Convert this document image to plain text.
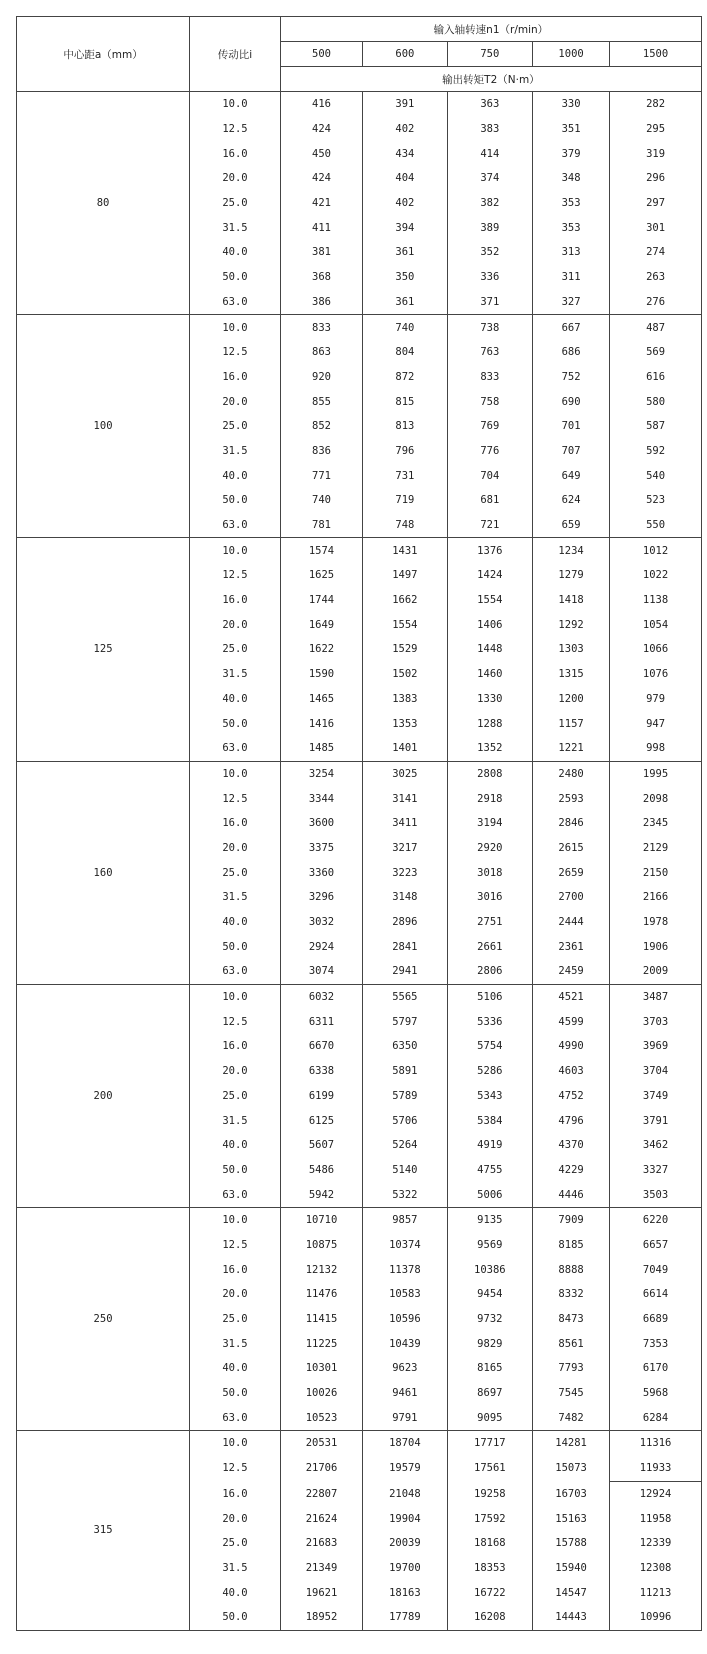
中心距a（mm）	传动比i	输入轴转速n1（r/min）				
		500	600	750	1000	1500
		输出转矩T2（N·m）				
80	10.0	416	391	363	330	282
	12.5	424	402	383	351	295
	16.0	450	434	414	379	319
	20.0	424	404	374	348	296
	25.0	421	402	382	353	297
	31.5	411	394	389	353	301
	40.0	381	361	352	313	274
	50.0	368	350	336	311	263
	63.0	386	361	371	327	276
100	10.0	833	740	738	667	487
	12.5	863	804	763	686	569
	16.0	920	872	833	752	616
	20.0	855	815	758	690	580
	25.0	852	813	769	701	587
	31.5	836	796	776	707	592
	40.0	771	731	704	649	540
	50.0	740	719	681	624	523
	63.0	781	748	721	659	550
125	10.0	1574	1431	1376	1234	1012
	12.5	1625	1497	1424	1279	1022
	16.0	1744	1662	1554	1418	1138
	20.0	1649	1554	1406	1292	1054
	25.0	1622	1529	1448	1303	1066
	31.5	1590	1502	1460	1315	1076
	40.0	1465	1383	1330	1200	979
	50.0	1416	1353	1288	1157	947
	63.0	1485	1401	1352	1221	998
160	10.0	3254	3025	2808	2480	1995
	12.5	3344	3141	2918	2593	2098
	16.0	3600	3411	3194	2846	2345
	20.0	3375	3217	2920	2615	2129
	25.0	3360	3223	3018	2659	2150
	31.5	3296	3148	3016	2700	2166
	40.0	3032	2896	2751	2444	1978
	50.0	2924	2841	2661	2361	1906
	63.0	3074	2941	2806	2459	2009
200	10.0	6032	5565	5106	4521	3487
	12.5	6311	5797	5336	4599	3703
	16.0	6670	6350	5754	4990	3969
	20.0	6338	5891	5286	4603	3704
	25.0	6199	5789	5343	4752	3749
	31.5	6125	5706	5384	4796	3791
	40.0	5607	5264	4919	4370	3462
	50.0	5486	5140	4755	4229	3327
	63.0	5942	5322	5006	4446	3503
250	10.0	10710	9857	9135	7909	6220
	12.5	10875	10374	9569	8185	6657
	16.0	12132	11378	10386	8888	7049
	20.0	11476	10583	9454	8332	6614
	25.0	11415	10596	9732	8473	6689
	31.5	11225	10439	9829	8561	7353
	40.0	10301	9623	8165	7793	6170
	50.0	10026	9461	8697	7545	5968
	63.0	10523	9791	9095	7482	6284
315	10.0	20531	18704	17717	14281	11316
	12.5	21706	19579	17561	15073	11933
	16.0	22807	21048	19258	16703	12924
	20.0	21624	19904	17592	15163	11958
	25.0	21683	20039	18168	15788	12339
	31.5	21349	19700	18353	15940	12308
	40.0	19621	18163	16722	14547	11213
	50.0	18952	17789	16208	14443	10996
